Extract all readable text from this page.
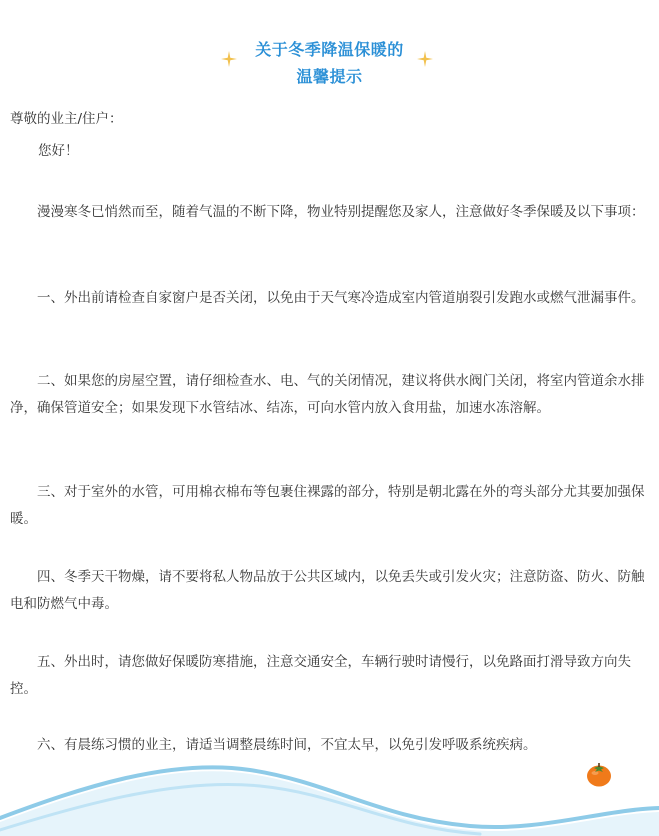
关于冬季降温保暖的
温馨提示

尊敬的业主/住户：

您好！

漫漫寒冬已悄然而至，随着气温的不断下降，物业特别提醒您及家人，注意做好冬季保暖及以下事项：

一、外出前请检查自家窗户是否关闭，以免由于天气寒冷造成室内管道崩裂引发跑水或燃气泄漏事件。

二、如果您的房屋空置，请仔细检查水、电、气的关闭情况，建议将供水阀门关闭，将室内管道余水排净，确保管道安全；如果发现下水管结冰、结冻，可向水管内放入食用盐，加速水冻溶解。

三、对于室外的水管，可用棉衣棉布等包裹住裸露的部分，特别是朝北露在外的弯头部分尤其要加强保暖。

四、冬季天干物燥，请不要将私人物品放于公共区域内，以免丢失或引发火灾；注意防盗、防火、防触电和防燃气中毒。

五、外出时，请您做好保暖防寒措施，注意交通安全，车辆行驶时请慢行，以免路面打滑导致方向失控。

六、有晨练习惯的业主，请适当调整晨练时间，不宜太早，以免引发呼吸系统疾病。
